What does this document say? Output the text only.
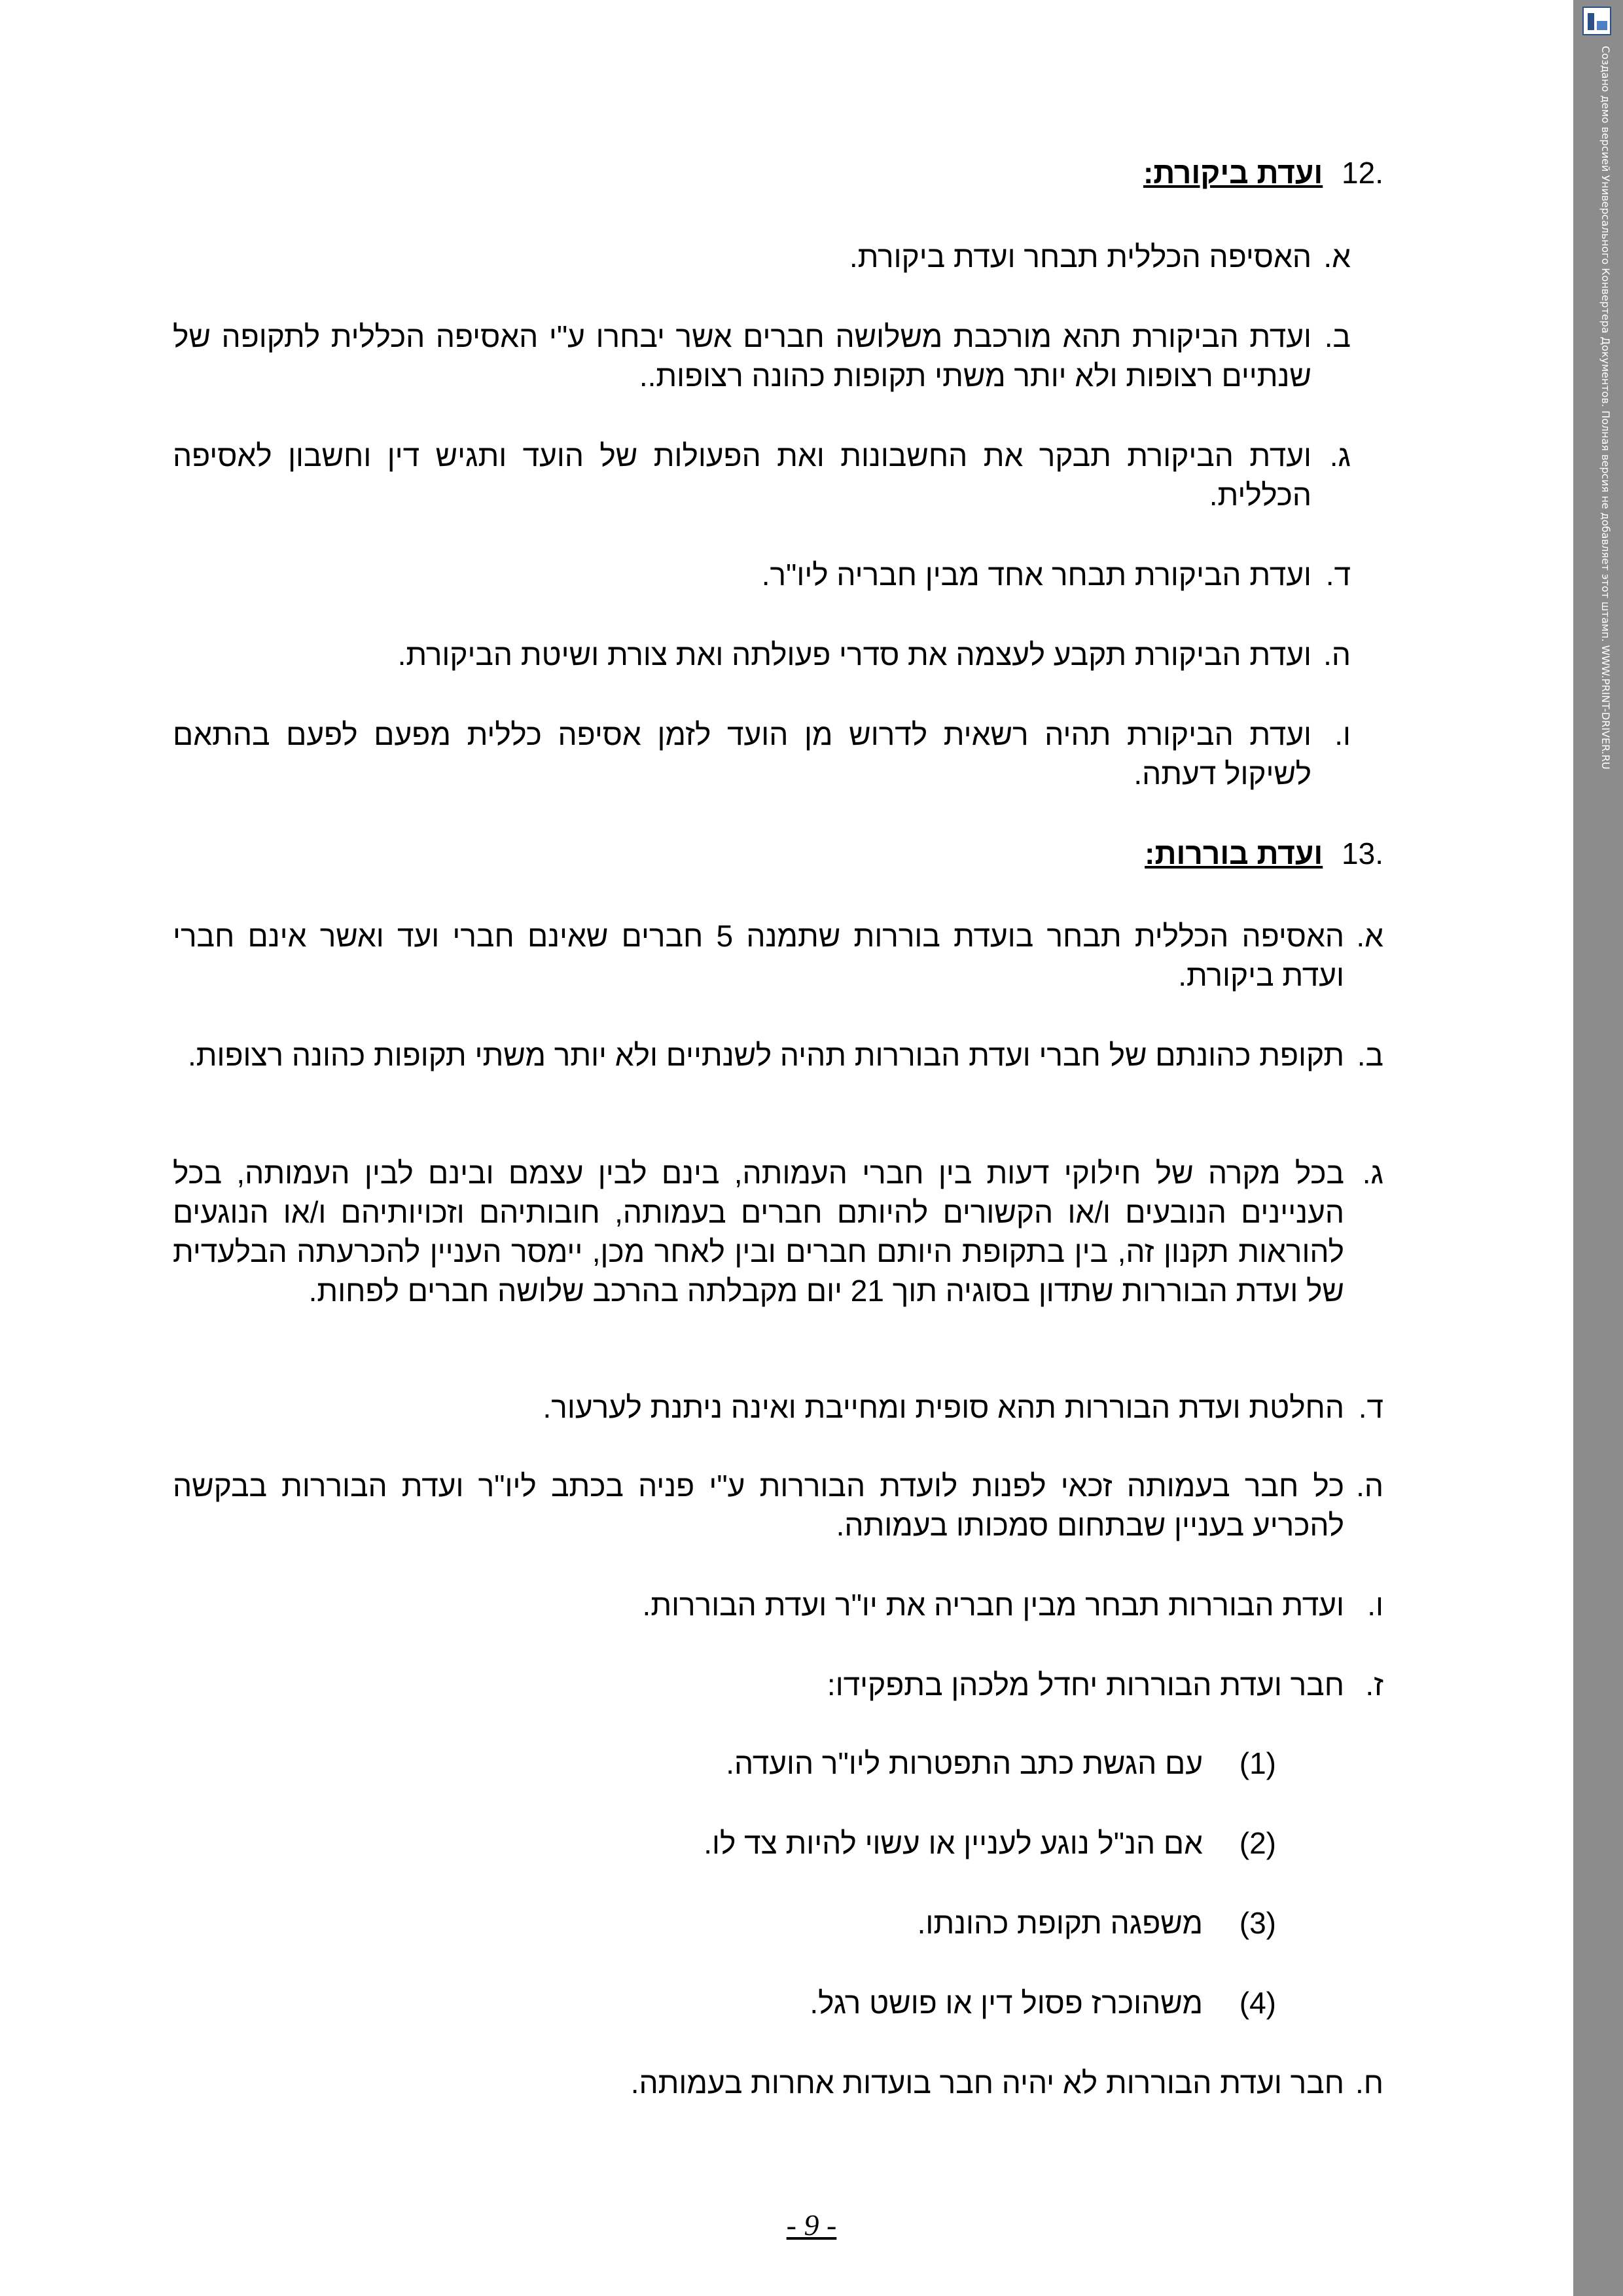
.12 ועדת ביקורת:
א.
האסיפה הכללית תבחר ועדת ביקורת.
ב.
ועדת הביקורת תהא מורכבת משלושה חברים אשר יבחרו ע"י האסיפה הכללית לתקופה של שנתיים רצופות ולא יותר משתי תקופות כהונה רצופות..
ג.
ועדת הביקורת תבקר את החשבונות ואת הפעולות של הועד ותגיש דין וחשבון לאסיפה הכללית.
ד.
ועדת הביקורת תבחר אחד מבין חבריה ליו"ר.
ה.
ועדת הביקורת תקבע לעצמה את סדרי פעולתה ואת צורת ושיטת הביקורת.
ו.
ועדת הביקורת תהיה רשאית לדרוש מן הועד לזמן אסיפה כללית מפעם לפעם בהתאם לשיקול דעתה.
.13 ועדת בוררות:
א.
האסיפה הכללית תבחר בועדת בוררות שתמנה 5 חברים שאינם חברי ועד ואשר אינם חברי ועדת ביקורת.
ב.
תקופת כהונתם של חברי ועדת הבוררות תהיה לשנתיים ולא יותר משתי תקופות כהונה רצופות.
ג.
בכל מקרה של חילוקי דעות בין חברי העמותה, בינם לבין עצמם ובינם לבין העמותה, בכל העניינים הנובעים ו/או הקשורים להיותם חברים בעמותה, חובותיהם וזכויותיהם ו/או הנוגעים להוראות תקנון זה, בין בתקופת היותם חברים ובין לאחר מכן, יימסר העניין להכרעתה הבלעדית של ועדת הבוררות שתדון בסוגיה תוך 21 יום מקבלתה בהרכב שלושה חברים לפחות.
ד.
החלטת ועדת הבוררות תהא סופית ומחייבת ואינה ניתנת לערעור.
ה.
כל חבר בעמותה זכאי לפנות לועדת הבוררות ע"י פניה בכתב ליו"ר ועדת הבוררות בבקשה להכריע בעניין שבתחום סמכותו בעמותה.
ו.
ועדת הבוררות תבחר מבין חבריה את יו"ר ועדת הבוררות.
ז.
חבר ועדת הבוררות יחדל מלכהן בתפקידו:
(1)
עם הגשת כתב התפטרות ליו"ר הועדה.
(2)
אם הנ"ל נוגע לעניין או עשוי להיות צד לו.
(3)
משפגה תקופת כהונתו.
(4)
משהוכרז פסול דין או פושט רגל.
ח.
חבר ועדת הבוררות לא יהיה חבר בועדות אחרות בעמותה.
- 9 -
Создано демо версией Универсального Конвертера Документов. Полная версия не добавляет этот штамп. WWW.PRINT-DRIVER.RU
